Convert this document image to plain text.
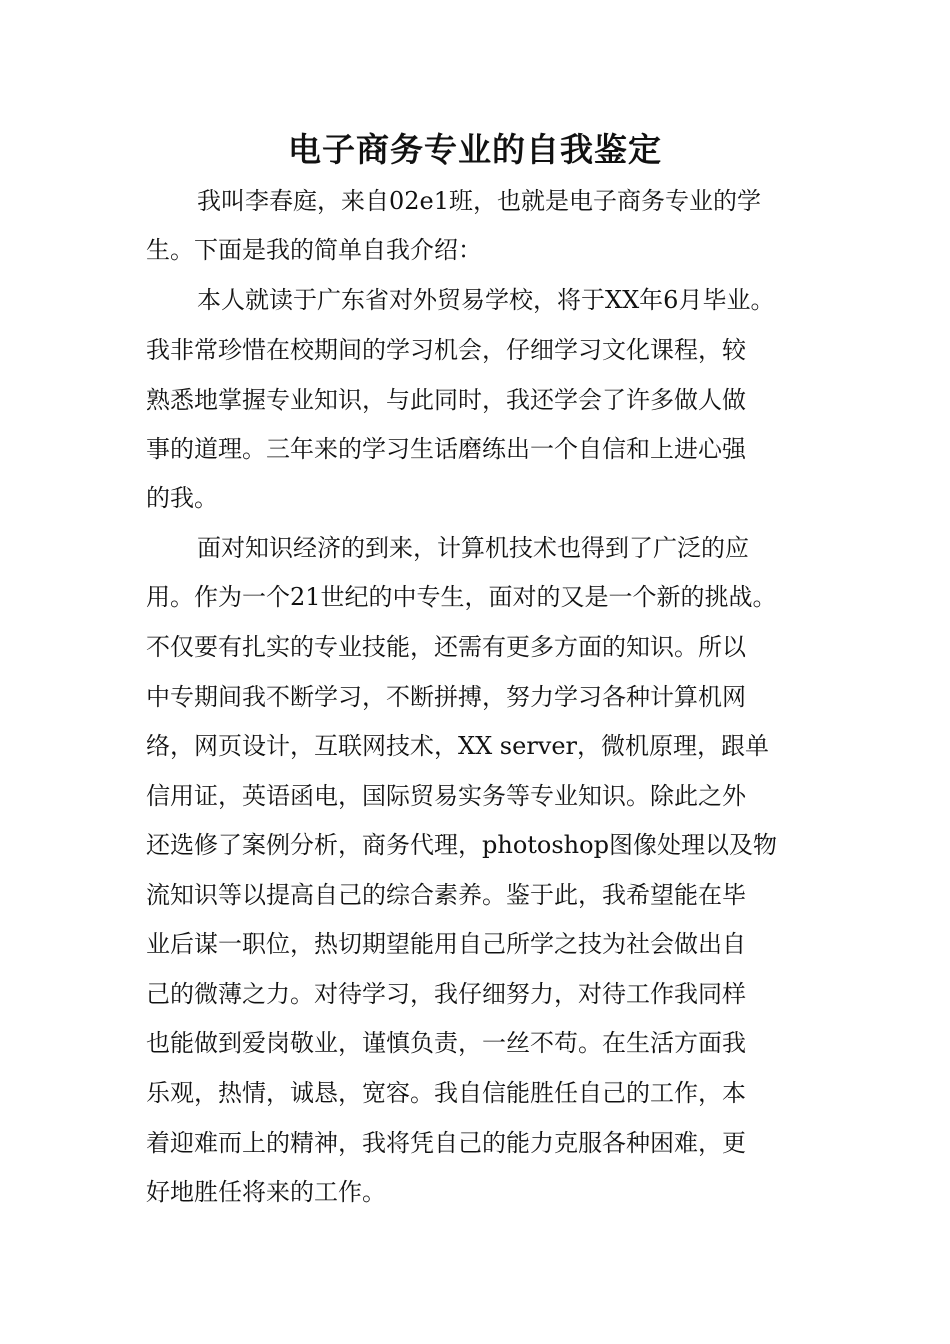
电子商务专业的自我鉴定
我叫李春庭，来自02e1班，也就是电子商务专业的学
生。下面是我的简单自我介绍：
本人就读于广东省对外贸易学校，将于XX年6月毕业。
我非常珍惜在校期间的学习机会，仔细学习文化课程，较
熟悉地掌握专业知识，与此同时，我还学会了许多做人做
事的道理。三年来的学习生话磨练出一个自信和上进心强
的我。
面对知识经济的到来，计算机技术也得到了广泛的应
用。作为一个21世纪的中专生，面对的又是一个新的挑战。
不仅要有扎实的专业技能，还需有更多方面的知识。所以
中专期间我不断学习，不断拼搏，努力学习各种计算机网
络，网页设计，互联网技术，XX server，微机原理，跟单
信用证，英语函电，国际贸易实务等专业知识。除此之外
还选修了案例分析，商务代理，photoshop图像处理以及物
流知识等以提高自己的综合素养。鉴于此，我希望能在毕
业后谋一职位，热切期望能用自己所学之技为社会做出自
己的微薄之力。对待学习，我仔细努力，对待工作我同样
也能做到爱岗敬业，谨慎负责，一丝不苟。在生活方面我
乐观，热情，诚恳，宽容。我自信能胜任自己的工作，本
着迎难而上的精神，我将凭自己的能力克服各种困难，更
好地胜任将来的工作。
